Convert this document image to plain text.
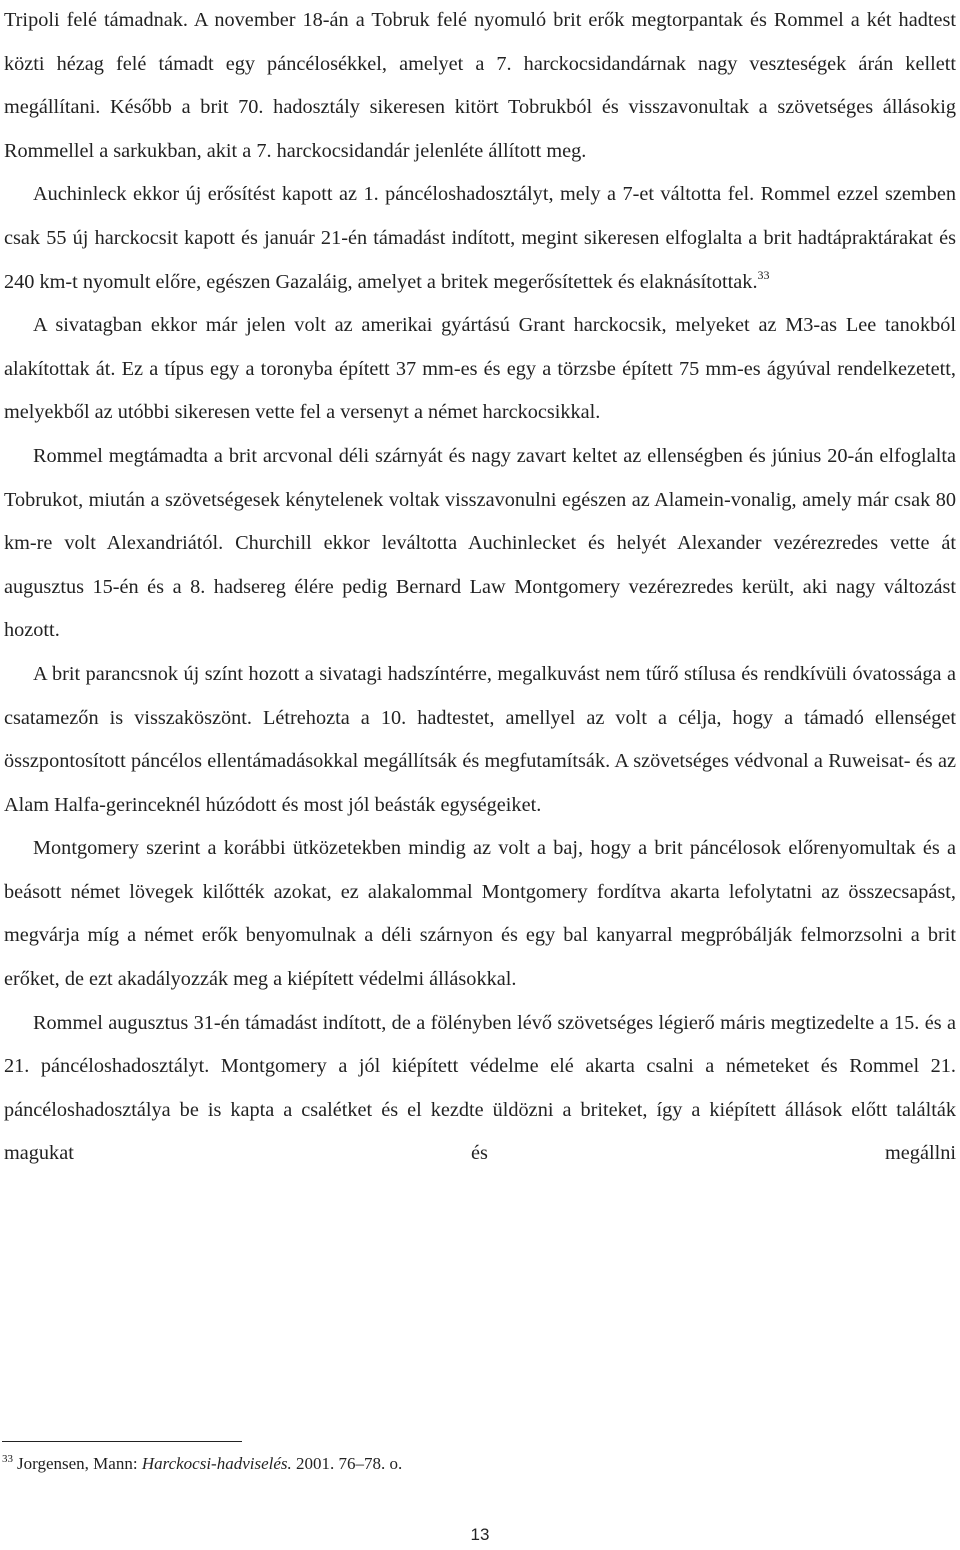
Tripoli felé támadnak. A november 18-án a Tobruk felé nyomuló brit erők megtorpantak és Rommel a két hadtest közti hézag felé támadt egy páncélosékkel, amelyet a 7. harckocsidandárnak nagy veszteségek árán kellett megállítani. Később a brit 70. hadosztály sikeresen kitört Tobrukból és visszavonultak a szövetséges állásokig Rommellel a sarkukban, akit a 7. harckocsidandár jelenléte állított meg.

Auchinleck ekkor új erősítést kapott az 1. páncéloshadosztályt, mely a 7-et váltotta fel. Rommel ezzel szemben csak 55 új harckocsit kapott és január 21-én támadást indított, megint sikeresen elfoglalta a brit hadtápraktárakat és 240 km-t nyomult előre, egészen Gazaláig, amelyet a britek megerősítettek és elaknásítottak.$^{33}$

A sivatagban ekkor már jelen volt az amerikai gyártású Grant harckocsik, melyeket az M3-as Lee tanokból alakítottak át. Ez a típus egy a toronyba épített 37 mm-es és egy a törzsbe épített 75 mm-es ágyúval rendelkezetett, melyekből az utóbbi sikeresen vette fel a versenyt a német harckocsikkal.

Rommel megtámadta a brit arcvonal déli szárnyát és nagy zavart keltet az ellenségben és június 20-án elfoglalta Tobrukot, miután a szövetségesek kénytelenek voltak visszavonulni egészen az Alamein-vonalig, amely már csak 80 km-re volt Alexandriától. Churchill ekkor leváltotta Auchinlecket és helyét Alexander vezérezredes vette át augusztus 15-én és a 8. hadsereg élére pedig Bernard Law Montgomery vezérezredes került, aki nagy változást hozott.

A brit parancsnok új színt hozott a sivatagi hadszíntérre, megalkuvást nem tűrő stílusa és rendkívüli óvatossága a csatamezőn is visszaköszönt. Létrehozta a 10. hadtestet, amellyel az volt a célja, hogy a támadó ellenséget összpontosított páncélos ellentámadásokkal megállítsák és megfutamítsák. A szövetséges védvonal a Ruweisat- és az Alam Halfa-gerinceknél húzódott és most jól beásták egységeiket.

Montgomery szerint a korábbi ütközetekben mindig az volt a baj, hogy a brit páncélosok előrenyomultak és a beásott német lövegek kilőtték azokat, ez alakalommal Montgomery fordítva akarta lefolytatni az összecsapást, megvárja míg a német erők benyomulnak a déli szárnyon és egy bal kanyarral megpróbálják felmorzsolni a brit erőket, de ezt akadályozzák meg a kiépített védelmi állásokkal.

Rommel augusztus 31-én támadást indított, de a fölényben lévő szövetséges légierő máris megtizedelte a 15. és a 21. páncéloshadosztályt. Montgomery a jól kiépített védelme elé akarta csalni a németeket és Rommel 21. páncéloshadosztálya be is kapta a csalétket és el kezdte üldözni a briteket, így a kiépített állások előtt találták magukat és megállni

$^{33}$ Jorgensen, Mann: Harckocsi-hadviselés. 2001. 76–78. o.
13
